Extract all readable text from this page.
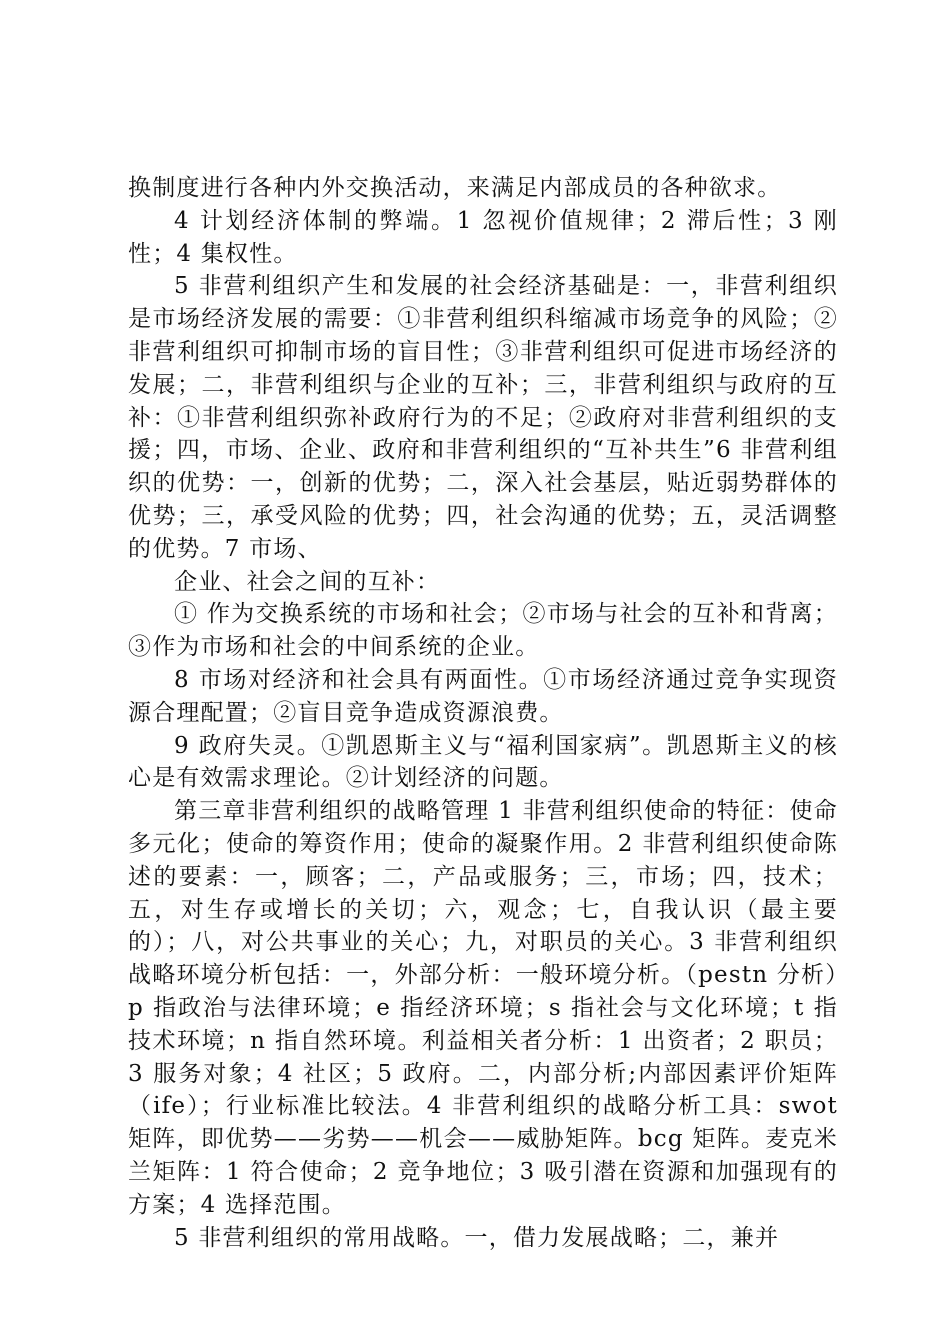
换制度进行各种内外交换活动，来满足内部成员的各种欲求。

4 计划经济体制的弊端。1 忽视价值规律；2 滞后性；3 刚性；4 集权性。

5 非营利组织产生和发展的社会经济基础是：一，非营利组织是市场经济发展的需要：①非营利组织科缩减市场竞争的风险；②非营利组织可抑制市场的盲目性；③非营利组织可促进市场经济的发展；二，非营利组织与企业的互补；三，非营利组织与政府的互补：①非营利组织弥补政府行为的不足；②政府对非营利组织的支援；四，市场、企业、政府和非营利组织的“互补共生”6 非营利组织的优势：一，创新的优势；二，深入社会基层，贴近弱势群体的优势；三，承受风险的优势；四，社会沟通的优势；五，灵活调整的优势。7 市场、

企业、社会之间的互补：

① 作为交换系统的市场和社会；②市场与社会的互补和背离；③作为市场和社会的中间系统的企业。

8 市场对经济和社会具有两面性。①市场经济通过竞争实现资源合理配置；②盲目竞争造成资源浪费。

9 政府失灵。①凯恩斯主义与“福利国家病”。凯恩斯主义的核心是有效需求理论。②计划经济的问题。

第三章非营利组织的战略管理 1 非营利组织使命的特征：使命多元化；使命的筹资作用；使命的凝聚作用。2 非营利组织使命陈述的要素：一，顾客；二，产品或服务；三，市场；四，技术；五，对生存或增长的关切；六，观念；七，自我认识（最主要的）；八，对公共事业的关心；九，对职员的关心。3 非营利组织战略环境分析包括：一，外部分析：一般环境分析。（pestn 分析）p 指政治与法律环境；e 指经济环境；s 指社会与文化环境；t 指技术环境；n 指自然环境。利益相关者分析：1 出资者；2 职员；3 服务对象；4 社区；5 政府。二，内部分析;内部因素评价矩阵（ife）；行业标准比较法。4 非营利组织的战略分析工具：swot 矩阵，即优势——劣势——机会——威胁矩阵。bcg 矩阵。麦克米兰矩阵：1 符合使命；2 竞争地位；3 吸引潜在资源和加强现有的方案；4 选择范围。

5 非营利组织的常用战略。一，借力发展战略；二，兼并
